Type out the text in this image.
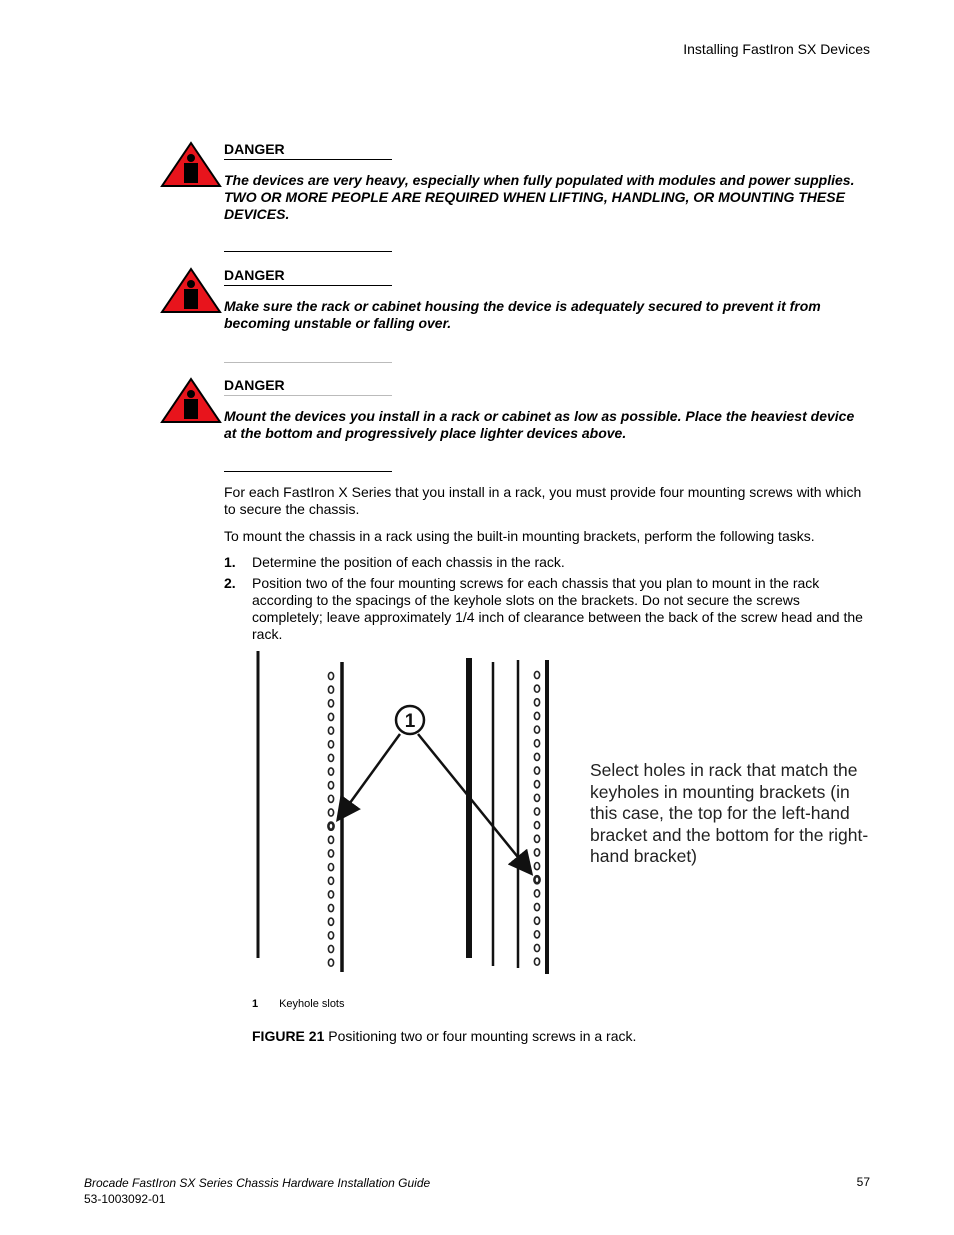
Installing FastIron SX Devices
DANGER
The devices are very heavy, especially when fully populated with modules and power supplies. TWO OR MORE PEOPLE ARE REQUIRED WHEN LIFTING, HANDLING, OR MOUNTING THESE DEVICES.
DANGER
Make sure the rack or cabinet housing the device is adequately secured to prevent it from becoming unstable or falling over.
DANGER
Mount the devices you install in a rack or cabinet as low as possible. Place the heaviest device at the bottom and progressively place lighter devices above.
For each FastIron X Series that you install in a rack, you must provide four mounting screws with which to secure the chassis.
To mount the chassis in a rack using the built-in mounting brackets, perform the following tasks.
1. Determine the position of each chassis in the rack.
2. Position two of the four mounting screws for each chassis that you plan to mount in the rack according to the spacings of the keyhole slots on the brackets. Do not secure the screws completely; leave approximately 1/4 inch of clearance between the back of the screw head and the rack.
1
Select holes in rack that match the keyholes in mounting brackets (in this case, the top for the left-hand bracket and the bottom for the right-hand bracket)
1 Keyhole slots
FIGURE 21 Positioning two or four mounting screws in a rack.
Brocade FastIron SX Series Chassis Hardware Installation Guide
53-1003092-01
57
